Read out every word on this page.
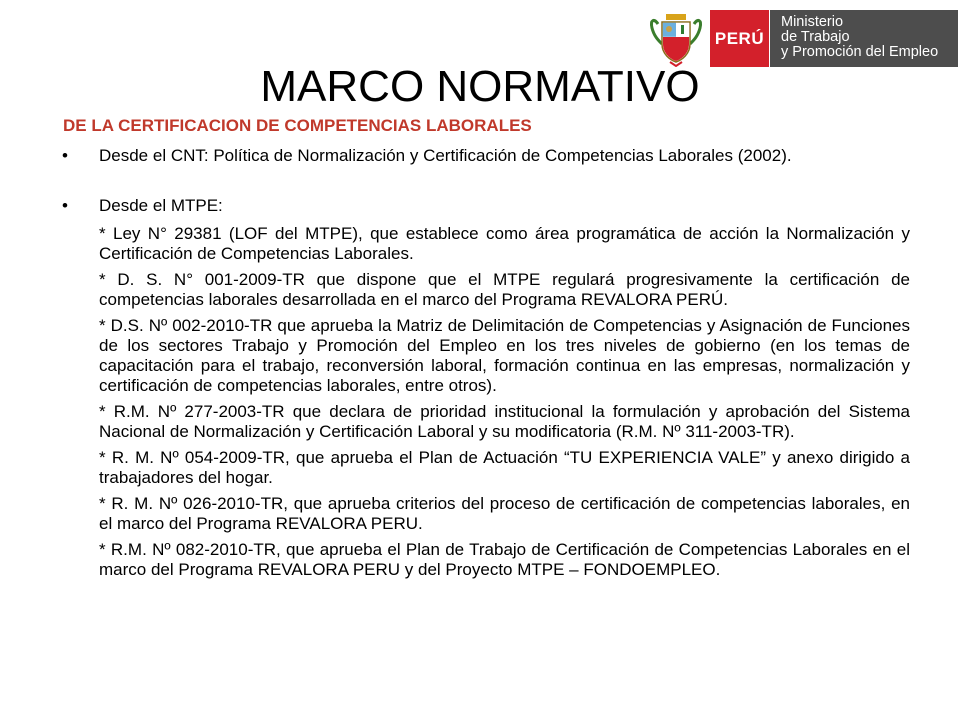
PERÚ
Ministerio
de Trabajo
y Promoción del Empleo
MARCO NORMATIVO
DE LA CERTIFICACION DE COMPETENCIAS LABORALES
• Desde el CNT: Política de Normalización y Certificación de Competencias Laborales (2002).
• Desde el MTPE:
* Ley N° 29381 (LOF del MTPE), que establece como área programática de acción la Normalización y Certificación de Competencias Laborales.
* D. S. N° 001-2009-TR que dispone que el MTPE regulará progresivamente la certificación de competencias laborales desarrollada en el marco del Programa REVALORA PERÚ.
* D.S. Nº 002-2010-TR que aprueba la Matriz de Delimitación de Competencias y Asignación de Funciones de los sectores Trabajo y Promoción del Empleo en los tres niveles de gobierno (en los temas de capacitación para el trabajo, reconversión laboral, formación continua en las empresas, normalización y certificación de competencias laborales, entre otros).
* R.M. Nº 277-2003-TR que declara de prioridad institucional la formulación y aprobación del Sistema Nacional de Normalización y Certificación Laboral y su modificatoria (R.M. Nº 311-2003-TR).
* R. M. Nº 054-2009-TR, que aprueba el Plan de Actuación “TU EXPERIENCIA VALE” y anexo dirigido a trabajadores del hogar.
* R. M. Nº 026-2010-TR, que aprueba criterios del proceso de certificación de competencias laborales, en el marco del Programa REVALORA PERU.
* R.M. Nº 082-2010-TR, que aprueba el Plan de Trabajo de Certificación de Competencias Laborales en el marco del Programa REVALORA PERU y del Proyecto MTPE – FONDOEMPLEO.
